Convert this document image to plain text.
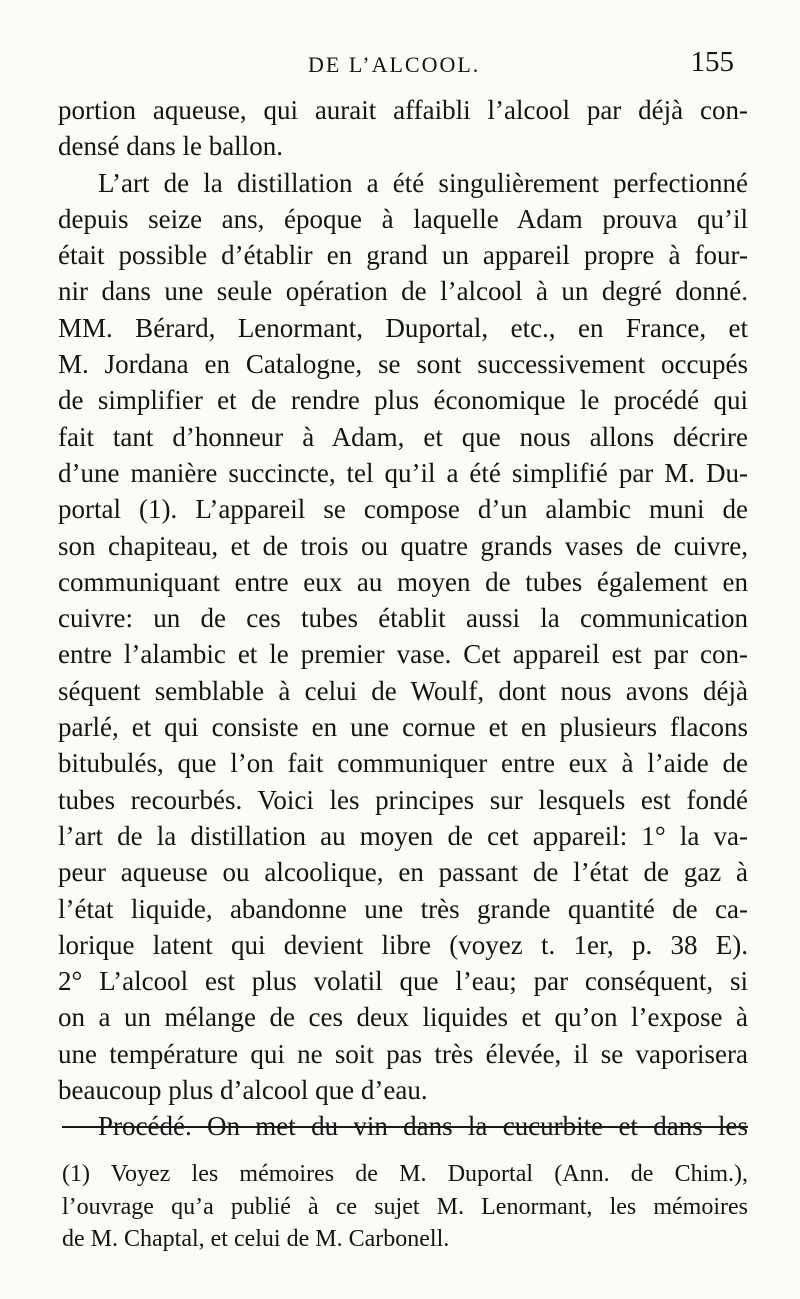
DE L’ALCOOL.	155
portion aqueuse, qui aurait affaibli l’alcool par déjà con-
densé dans le ballon.
L’art de la distillation a été singulièrement perfectionné
depuis seize ans, époque à laquelle Adam prouva qu’il
était possible d’établir en grand un appareil propre à four-
nir dans une seule opération de l’alcool à un degré donné.
MM. Bérard, Lenormant, Duportal, etc., en France, et
M. Jordana en Catalogne, se sont successivement occupés
de simplifier et de rendre plus économique le procédé qui
fait tant d’honneur à Adam, et que nous allons décrire
d’une manière succincte, tel qu’il a été simplifié par M. Du-
portal (1). L’appareil se compose d’un alambic muni de
son chapiteau, et de trois ou quatre grands vases de cuivre,
communiquant entre eux au moyen de tubes également en
cuivre: un de ces tubes établit aussi la communication
entre l’alambic et le premier vase. Cet appareil est par con-
séquent semblable à celui de Woulf, dont nous avons déjà
parlé, et qui consiste en une cornue et en plusieurs flacons
bitubulés, que l’on fait communiquer entre eux à l’aide de
tubes recourbés. Voici les principes sur lesquels est fondé
l’art de la distillation au moyen de cet appareil: 1° la va-
peur aqueuse ou alcoolique, en passant de l’état de gaz à
l’état liquide, abandonne une très grande quantité de ca-
lorique latent qui devient libre (voyez t. 1er, p. 38 E).
2° L’alcool est plus volatil que l’eau; par conséquent, si
on a un mélange de ces deux liquides et qu’on l’expose à
une température qui ne soit pas très élevée, il se vaporisera
beaucoup plus d’alcool que d’eau.
Procédé. On met du vin dans la cucurbite et dans les
(1) Voyez les mémoires de M. Duportal (Ann. de Chim.),
l’ouvrage qu’a publié à ce sujet M. Lenormant, les mémoires
de M. Chaptal, et celui de M. Carbonell.
